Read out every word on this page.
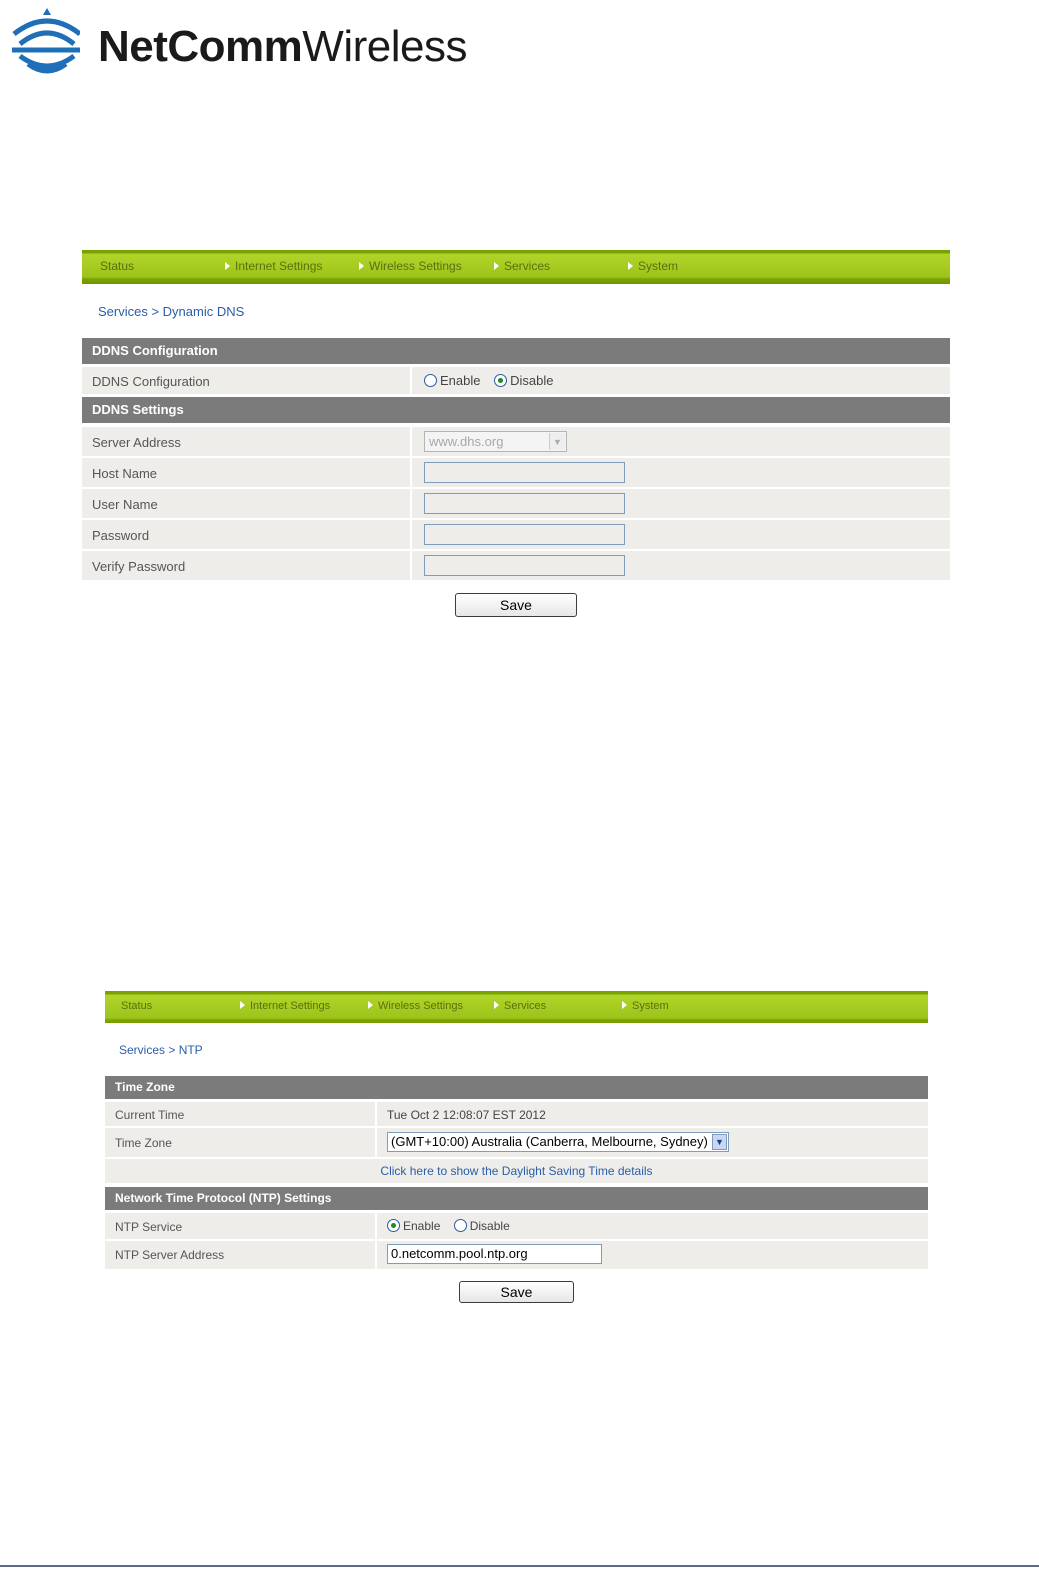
NetCommWireless
Status	Internet Settings	Wireless Settings	Services	System
Services > Dynamic DNS
DDNS Configuration
DDNS Configuration	Enable Disable
DDNS Settings
Server Address	www.dhs.org	▼
Host Name
User Name
Password
Verify Password
Save
Status	Internet Settings	Wireless Settings	Services	System
Services > NTP
Time Zone
Current Time	Tue Oct 2 12:08:07 EST 2012
Time Zone	(GMT+10:00) Australia (Canberra, Melbourne, Sydney) ▼
Click here to show the Daylight Saving Time details
Network Time Protocol (NTP) Settings
NTP Service	Enable Disable
NTP Server Address	0.netcomm.pool.ntp.org
Save
